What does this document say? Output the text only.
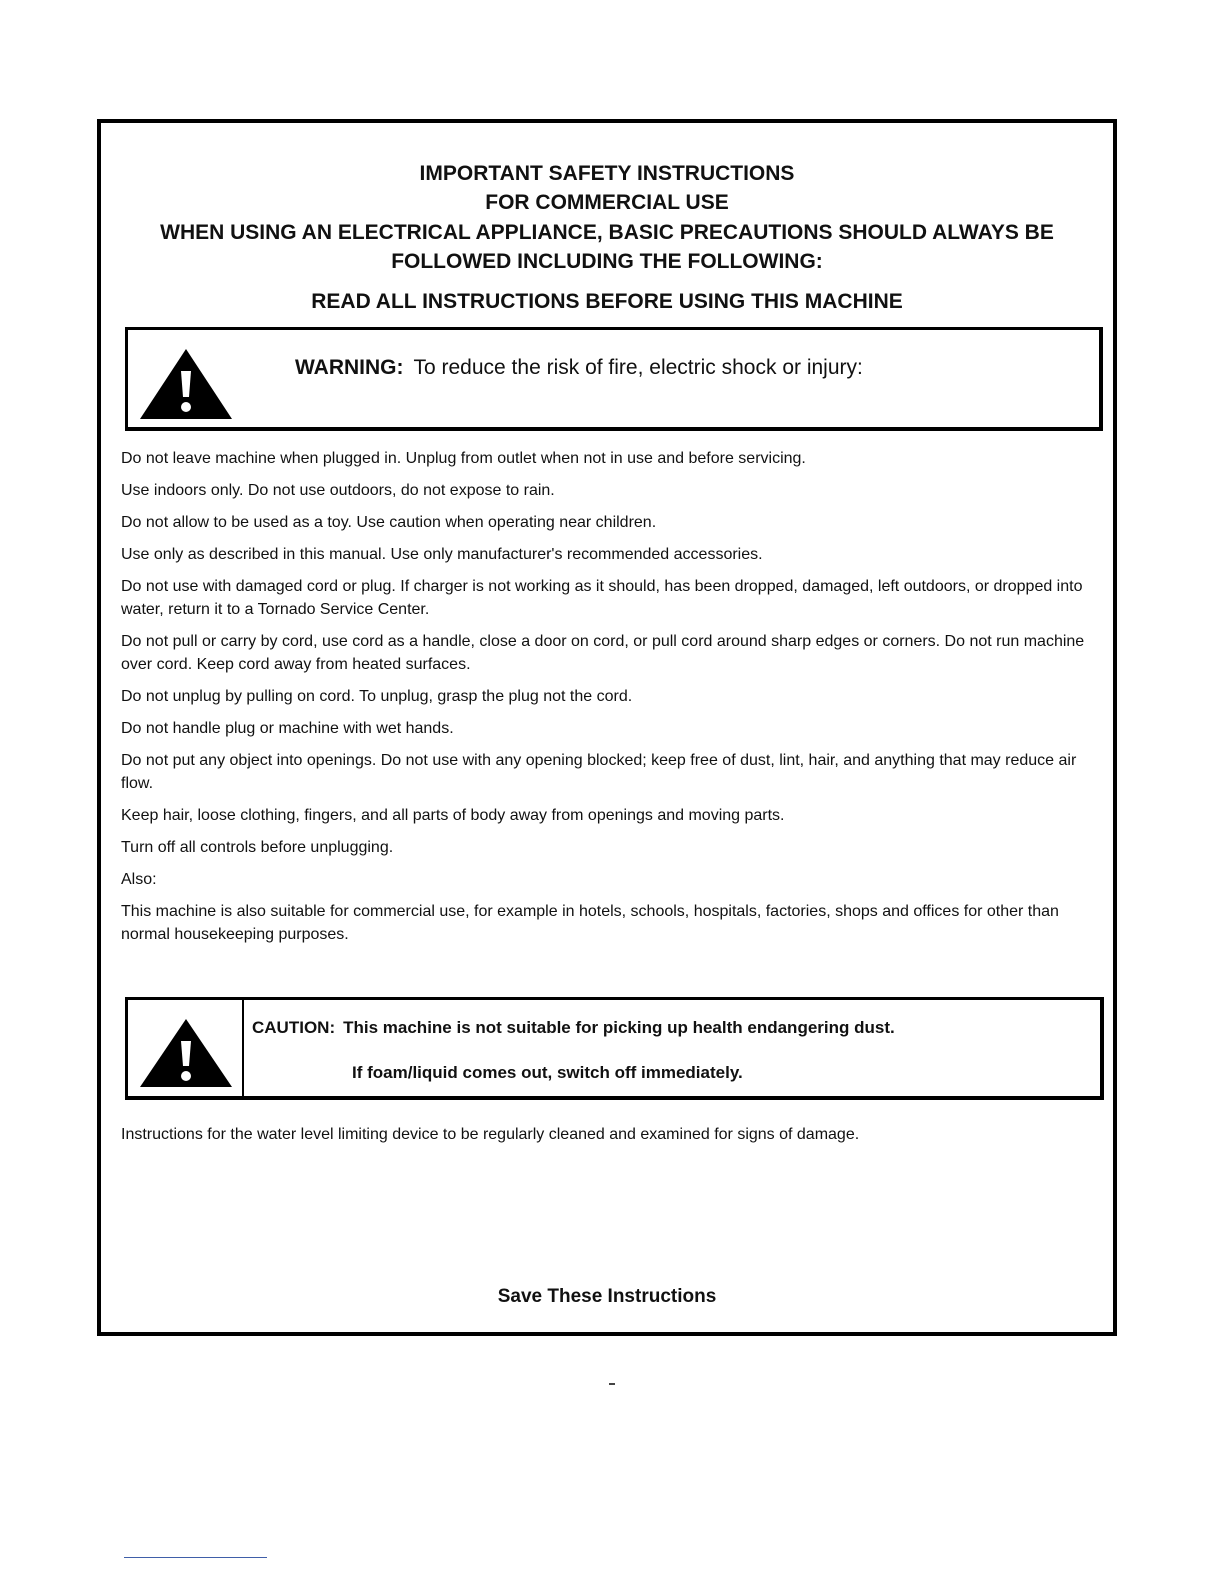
IMPORTANT SAFETY INSTRUCTIONS
FOR COMMERCIAL USE
WHEN USING AN ELECTRICAL APPLIANCE, BASIC PRECAUTIONS SHOULD ALWAYS BE
FOLLOWED INCLUDING THE FOLLOWING:
READ ALL INSTRUCTIONS BEFORE USING THIS MACHINE
WARNING: To reduce the risk of fire, electric shock or injury:
Do not leave machine when plugged in. Unplug from outlet when not in use and before servicing.
Use indoors only. Do not use outdoors, do not expose to rain.
Do not allow to be used as a toy. Use caution when operating near children.
Use only as described in this manual. Use only manufacturer's recommended accessories.
Do not use with damaged cord or plug. If charger is not working as it should, has been dropped, damaged, left outdoors, or dropped into water, return it to a Tornado Service Center.
Do not pull or carry by cord, use cord as a handle, close a door on cord, or pull cord around sharp edges or corners. Do not run machine over cord. Keep cord away from heated surfaces.
Do not unplug by pulling on cord. To unplug, grasp the plug not the cord.
Do not handle plug or machine with wet hands.
Do not put any object into openings. Do not use with any opening blocked; keep free of dust, lint, hair, and anything that may reduce air flow.
Keep hair, loose clothing, fingers, and all parts of body away from openings and moving parts.
Turn off all controls before unplugging.
Also:
This machine is also suitable for commercial use, for example in hotels, schools, hospitals, factories, shops and offices for other than normal housekeeping purposes.
CAUTION: This machine is not suitable for picking up health endangering dust.
If foam/liquid comes out, switch off immediately.
Instructions for the water level limiting device to be regularly cleaned and examined for signs of damage.
Save These Instructions
